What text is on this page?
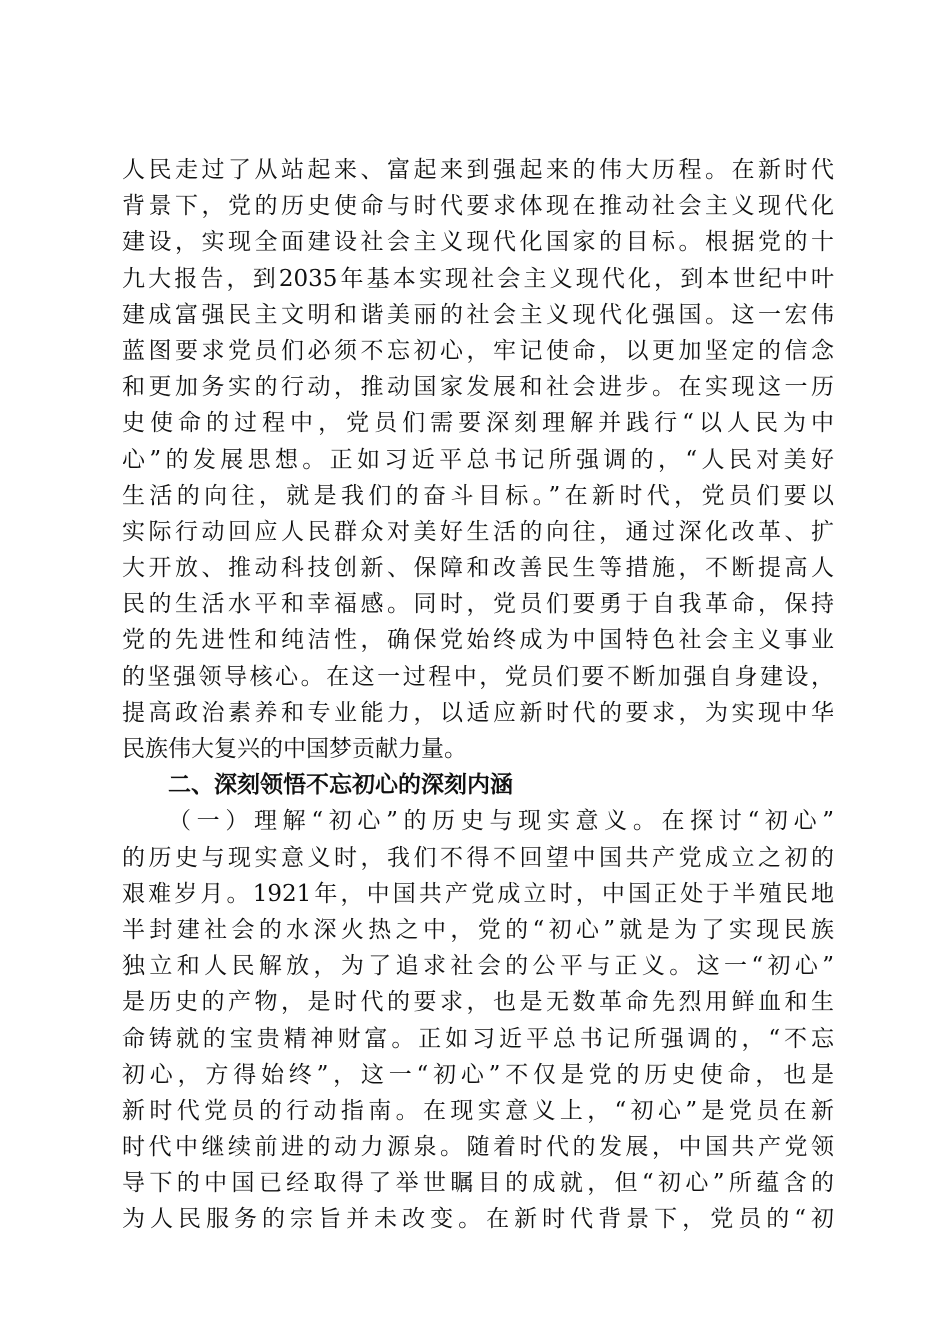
人民走过了从站起来、富起来到强起来的伟大历程。在新时代
背景下，党的历史使命与时代要求体现在推动社会主义现代化
建设，实现全面建设社会主义现代化国家的目标。根据党的十
九大报告，到2035年基本实现社会主义现代化，到本世纪中叶
建成富强民主文明和谐美丽的社会主义现代化强国。这一宏伟
蓝图要求党员们必须不忘初心，牢记使命，以更加坚定的信念
和更加务实的行动，推动国家发展和社会进步。在实现这一历
史使命的过程中，党员们需要深刻理解并践行“以人民为中
心”的发展思想。正如习近平总书记所强调的，“人民对美好
生活的向往，就是我们的奋斗目标。”在新时代，党员们要以
实际行动回应人民群众对美好生活的向往，通过深化改革、扩
大开放、推动科技创新、保障和改善民生等措施，不断提高人
民的生活水平和幸福感。同时，党员们要勇于自我革命，保持
党的先进性和纯洁性，确保党始终成为中国特色社会主义事业
的坚强领导核心。在这一过程中，党员们要不断加强自身建设，
提高政治素养和专业能力，以适应新时代的要求，为实现中华
民族伟大复兴的中国梦贡献力量。
二、深刻领悟不忘初心的深刻内涵
（一）理解“初心”的历史与现实意义。在探讨“初心”
的历史与现实意义时，我们不得不回望中国共产党成立之初的
艰难岁月。1921年，中国共产党成立时，中国正处于半殖民地
半封建社会的水深火热之中，党的“初心”就是为了实现民族
独立和人民解放，为了追求社会的公平与正义。这一“初心”
是历史的产物，是时代的要求，也是无数革命先烈用鲜血和生
命铸就的宝贵精神财富。正如习近平总书记所强调的，“不忘
初心，方得始终”，这一“初心”不仅是党的历史使命，也是
新时代党员的行动指南。在现实意义上，“初心”是党员在新
时代中继续前进的动力源泉。随着时代的发展，中国共产党领
导下的中国已经取得了举世瞩目的成就，但“初心”所蕴含的
为人民服务的宗旨并未改变。在新时代背景下，党员的“初
